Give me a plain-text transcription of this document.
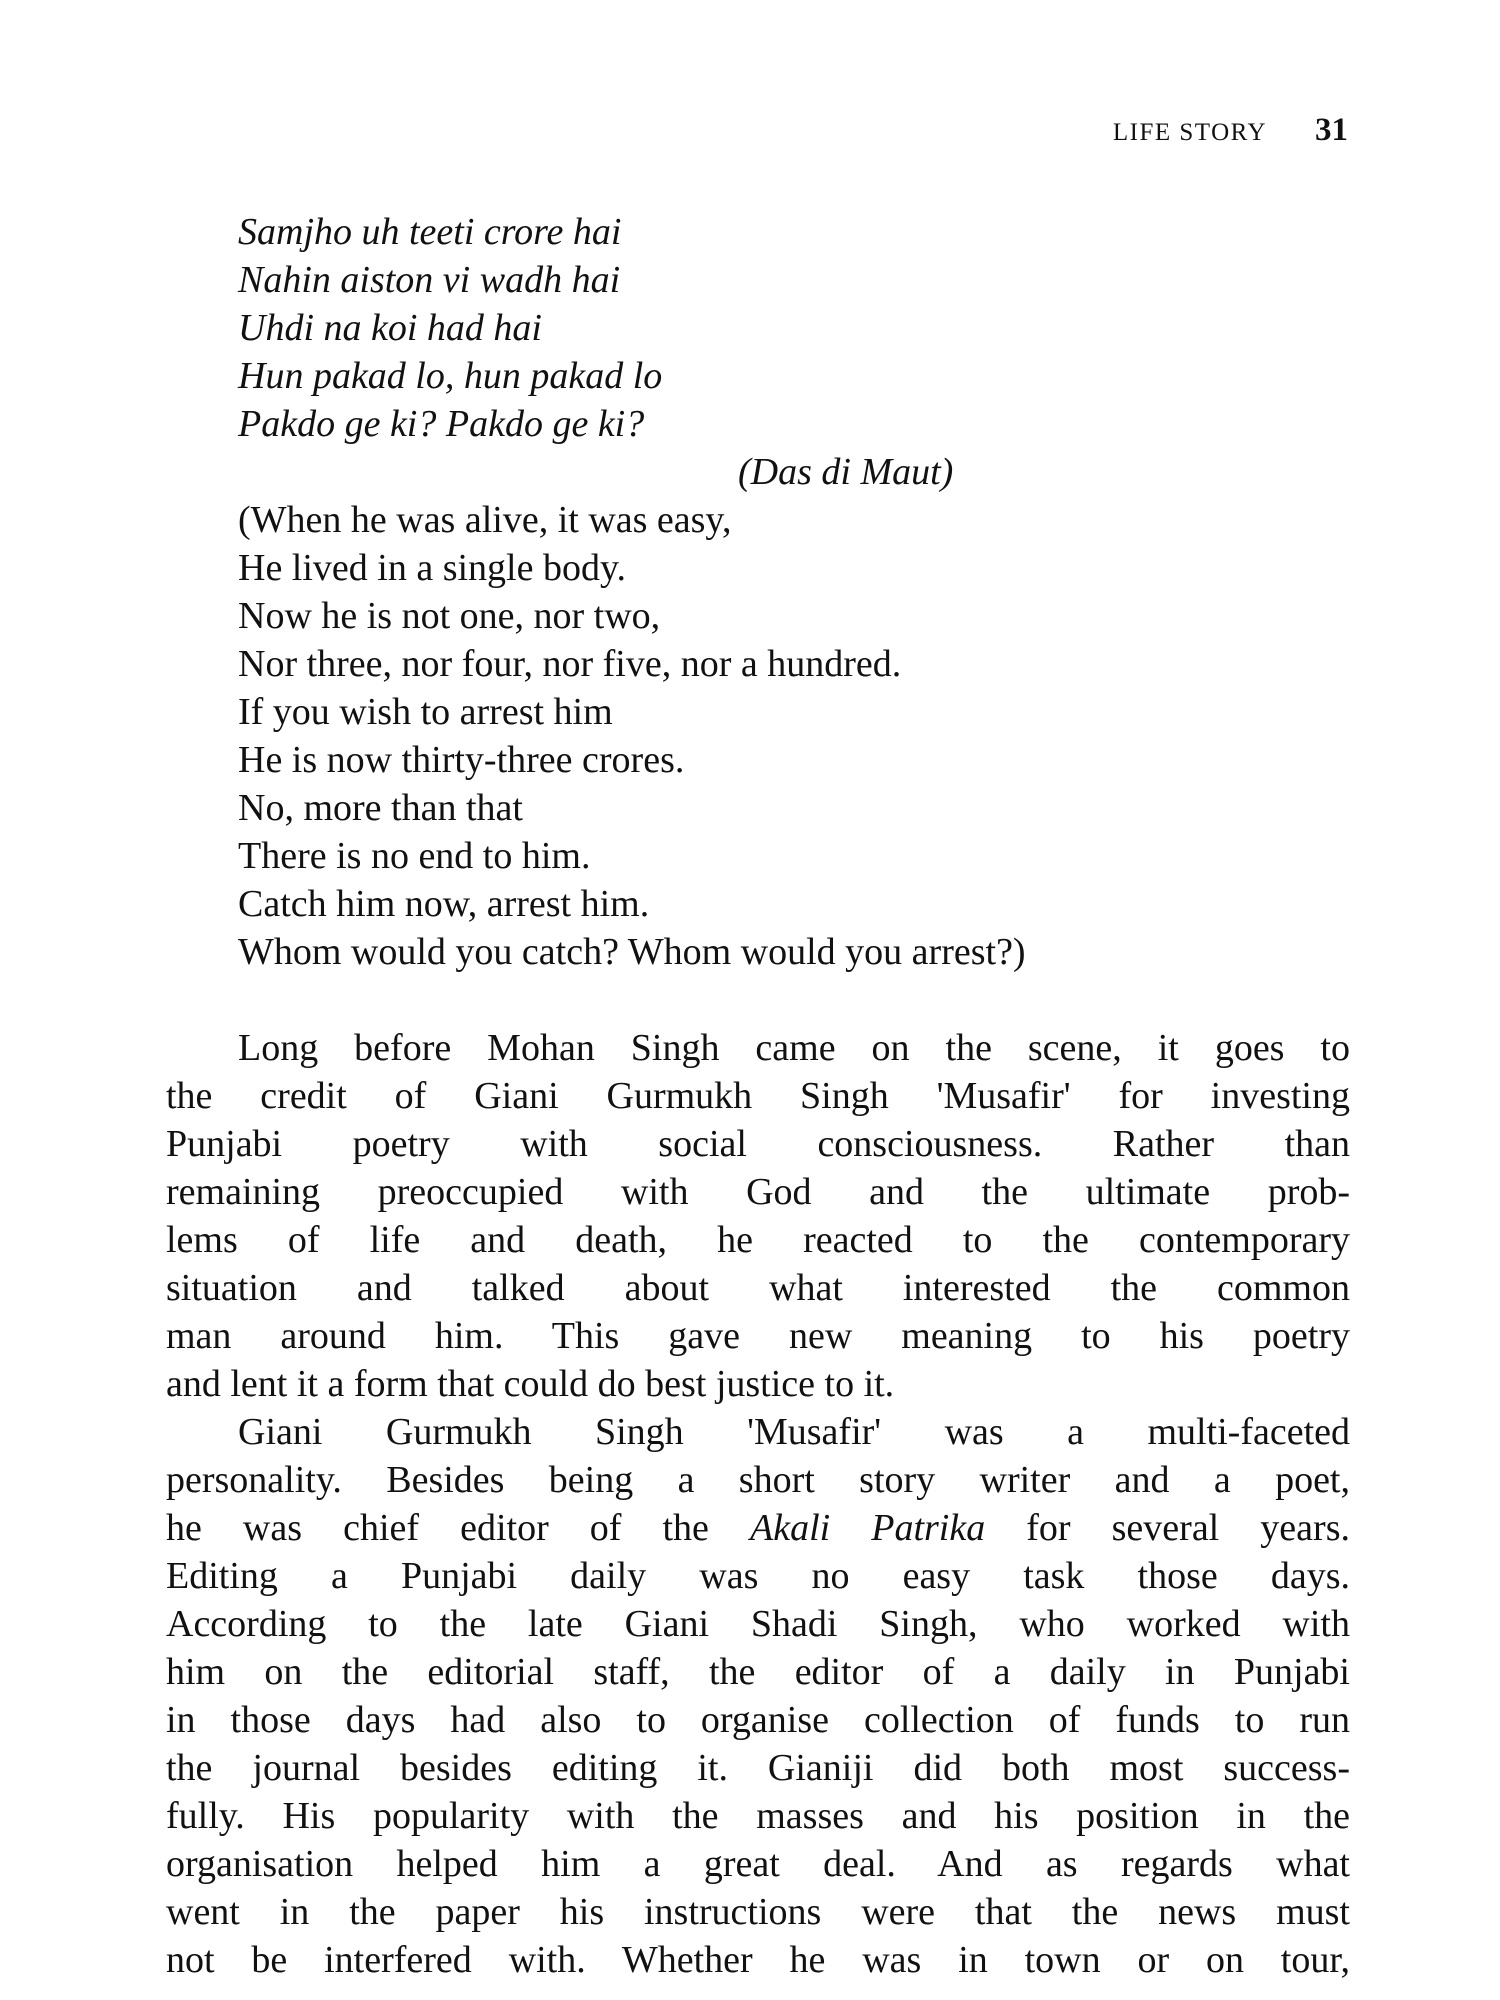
LIFE STORY 31
Samjho uh teeti crore hai
Nahin aiston vi wadh hai
Uhdi na koi had hai
Hun pakad lo, hun pakad lo
Pakdo ge ki? Pakdo ge ki?
(Das di Maut)
(When he was alive, it was easy,
He lived in a single body.
Now he is not one, nor two,
Nor three, nor four, nor five, nor a hundred.
If you wish to arrest him
He is now thirty-three crores.
No, more than that
There is no end to him.
Catch him now, arrest him.
Whom would you catch? Whom would you arrest?)
Long before Mohan Singh came on the scene, it goes to
the credit of Giani Gurmukh Singh 'Musafir' for investing
Punjabi poetry with social consciousness. Rather than
remaining preoccupied with God and the ultimate prob-
lems of life and death, he reacted to the contemporary
situation and talked about what interested the common
man around him. This gave new meaning to his poetry
and lent it a form that could do best justice to it.
Giani Gurmukh Singh 'Musafir' was a multi-faceted
personality. Besides being a short story writer and a poet,
he was chief editor of the Akali Patrika for several years.
Editing a Punjabi daily was no easy task those days.
According to the late Giani Shadi Singh, who worked with
him on the editorial staff, the editor of a daily in Punjabi
in those days had also to organise collection of funds to run
the journal besides editing it. Gianiji did both most success-
fully. His popularity with the masses and his position in the
organisation helped him a great deal. And as regards what
went in the paper his instructions were that the news must
not be interfered with. Whether he was in town or on tour,
